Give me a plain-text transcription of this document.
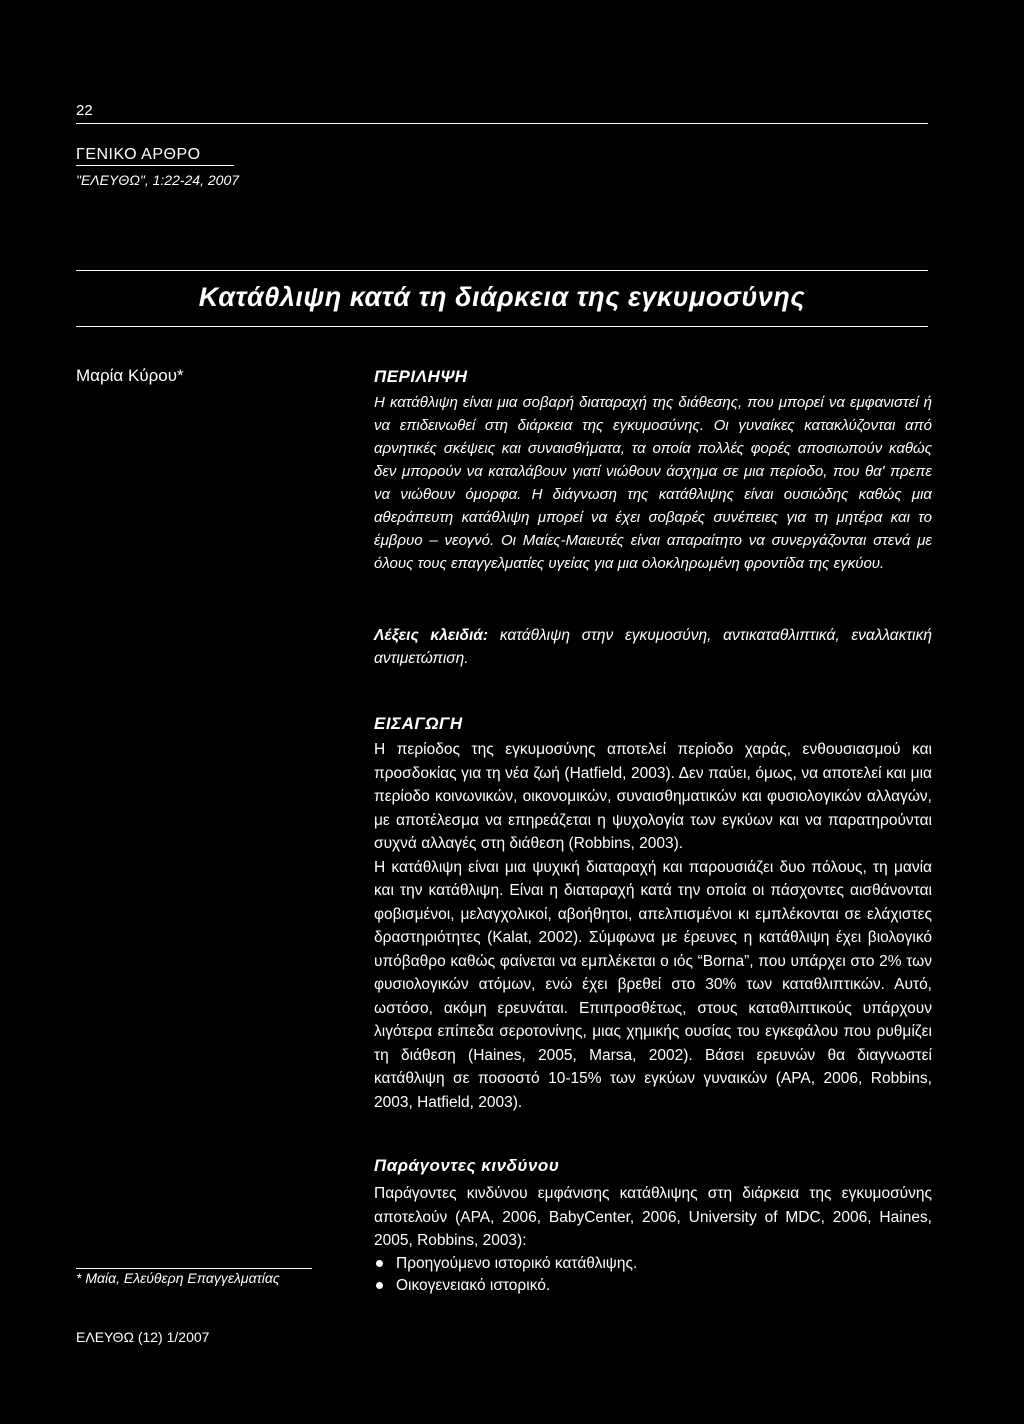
22
ΓΕΝΙΚΟ ΑΡΘΡΟ
"ΕΛΕΥΘΩ", 1:22-24, 2007
Κατάθλιψη κατά τη διάρκεια της εγκυμοσύνης
Μαρία Κύρου*	ΠΕΡΙΛΗΨΗ

Η κατάθλιψη είναι μια σοβαρή διαταραχή της διάθεσης, που μπορεί να εμφανιστεί ή να επιδεινωθεί στη διάρκεια της εγκυμοσύνης. Οι γυναίκες κατακλύζονται από αρνητικές σκέψεις και συναισθήματα, τα οποία πολλές φορές αποσιωπούν καθώς δεν μπορούν να καταλάβουν γιατί νιώθουν άσχημα σε μια περίοδο, που θα' πρεπε να νιώθουν όμορφα. Η διάγνωση της κατάθλιψης είναι ουσιώδης καθώς μια αθεράπευτη κατάθλιψη μπορεί να έχει σοβαρές συνέπειες για τη μητέρα και το έμβρυο – νεογνό. Οι Μαίες-Μαιευτές είναι απαραίτητο να συνεργάζονται στενά με όλους τους επαγγελματίες υγείας για μια ολοκληρωμένη φροντίδα της εγκύου.

Λέξεις κλειδιά: κατάθλιψη στην εγκυμοσύνη, αντικαταθλιπτικά, εναλλακτική αντιμετώπιση.
ΕΙΣΑΓΩΓΗ

Η περίοδος της εγκυμοσύνης αποτελεί περίοδο χαράς, ενθουσιασμού και προσδοκίας για τη νέα ζωή (Hatfield, 2003). Δεν παύει, όμως, να αποτελεί και μια περίοδο κοινωνικών, οικονομικών, συναισθηματικών και φυσιολογικών αλλαγών, με αποτέλεσμα να επηρεάζεται η ψυχολογία των εγκύων και να παρατηρούνται συχνά αλλαγές στη διάθεση (Robbins, 2003).

Η κατάθλιψη είναι μια ψυχική διαταραχή και παρουσιάζει δυο πόλους, τη μανία και την κατάθλιψη. Είναι η διαταραχή κατά την οποία οι πάσχοντες αισθάνονται φοβισμένοι, μελαγχολικοί, αβοήθητοι, απελπισμένοι κι εμπλέκονται σε ελάχιστες δραστηριότητες (Kalat, 2002). Σύμφωνα με έρευνες η κατάθλιψη έχει βιολογικό υπόβαθρο καθώς φαίνεται να εμπλέκεται ο ιός “Borna”, που υπάρχει στο 2% των φυσιολογικών ατόμων, ενώ έχει βρεθεί στο 30% των καταθλιπτικών. Αυτό, ωστόσο, ακόμη ερευνάται. Επιπροσθέτως, στους καταθλιπτικούς υπάρχουν λιγότερα επίπεδα σεροτονίνης, μιας χημικής ουσίας του εγκεφάλου που ρυθμίζει τη διάθεση (Haines, 2005, Marsa, 2002). Βάσει ερευνών θα διαγνωστεί κατάθλιψη σε ποσοστό 10-15% των εγκύων γυναικών (APA, 2006, Robbins, 2003, Hatfield, 2003).

Παράγοντες κινδύνου

Παράγοντες κινδύνου εμφάνισης κατάθλιψης στη διάρκεια της εγκυμοσύνης αποτελούν (APA, 2006, BabyCenter, 2006, University of MDC, 2006, Haines, 2005, Robbins, 2003):

Προηγούμενο ιστορικό κατάθλιψης.
Οικογενειακό ιστορικό.
* Μαία, Ελεύθερη Επαγγελματίας
ΕΛΕΥΘΩ (12) 1/2007
